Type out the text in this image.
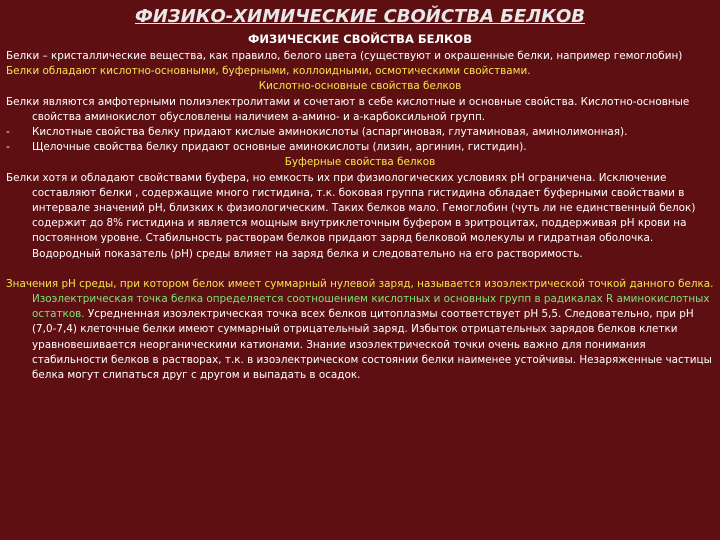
ФИЗИКО-ХИМИЧЕСКИЕ СВОЙСТВА БЕЛКОВ
ФИЗИЧЕСКИЕ СВОЙСТВА БЕЛКОВ

Белки – кристаллические вещества, как правило, белого цвета (существуют и окрашенные белки, например гемоглобин)

Белки обладают кислотно-основными, буферными, коллоидными, осмотическими свойствами.

Кислотно-основные свойства белков

Белки являются амфотерными полиэлектролитами и сочетают в себе кислотные и основные свойства. Кислотно-основные свойства аминокислот обусловлены наличием а-амино- и а-карбоксильной групп.

-	Кислотные свойства белку придают кислые аминокислоты (аспаргиновая, глутаминовая, аминолимонная).
-	Щелочные свойства белку придают основные аминокислоты (лизин, аргинин, гистидин).

Буферные свойства белков

Белки хотя и обладают свойствами буфера, но емкость их при физиологических условиях рН ограничена. Исключение составляют белки , содержащие много гистидина, т.к. боковая группа гистидина обладает буферными свойствами в интервале значений рН, близких к физиологическим. Таких белков мало. Гемоглобин (чуть ли не единственный белок) содержит до 8% гистидина и является мощным внутриклеточным буфером в эритроцитах, поддерживая рН крови на постоянном уровне. Стабильность растворам белков придают заряд белковой молекулы и гидратная оболочка. Водородный показатель (рН) среды влияет на заряд белка и следовательно на его растворимость.

Значения рН среды, при котором белок имеет суммарный нулевой заряд, называется изоэлектрической точкой данного белка. Изоэлектрическая точка белка определяется соотношением кислотных и основных групп в радикалах R аминокислотных остатков. Усредненная изоэлектрическая точка всех белков цитоплазмы соответствует рН 5,5. Следовательно, при рН (7,0-7,4) клеточные белки имеют суммарный отрицательный заряд. Избыток отрицательных зарядов белков клетки уравновешивается неорганическими катионами. Знание изоэлектрической точки очень важно для понимания стабильности белков в растворах, т.к. в изоэлектрическом состоянии белки наименее устойчивы. Незаряженные частицы белка могут слипаться друг с другом и выпадать в осадок.
